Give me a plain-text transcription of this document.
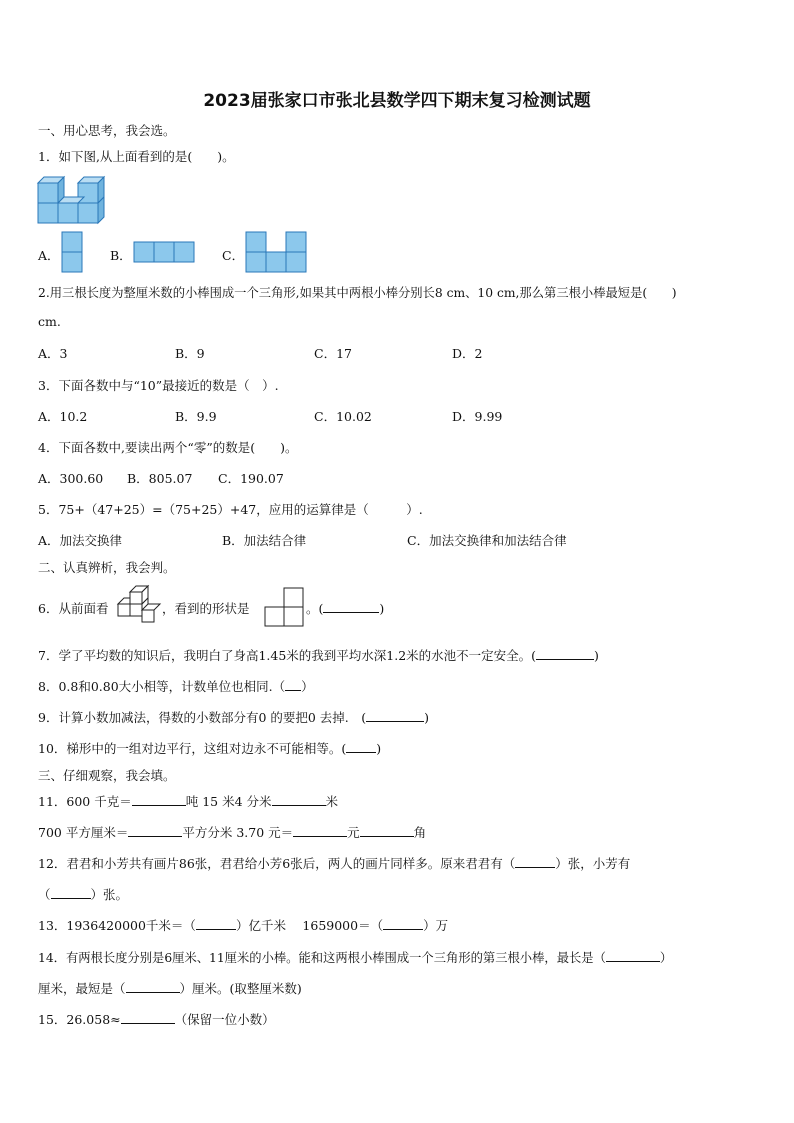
2023届张家口市张北县数学四下期末复习检测试题
一、用心思考，我会选。
1．如下图,从上面看到的是(　　)。
A．	B．	C．
2.用三根长度为整厘米数的小棒围成一个三角形,如果其中两根小棒分别长8 cm、10 cm,那么第三根小棒最短是(　　)
cm.
A．3	B．9	C．17	D．2
3．下面各数中与“10”最接近的数是（　）.
A．10.2	B．9.9	C．10.02	D．9.99
4．下面各数中,要读出两个“零”的数是(　　)。
A．300.60 B．805.07 C．190.07
5．75+（47+25）=（75+25）+47，应用的运算律是（　　　）.
A．加法交换律	B．加法结合律	C．加法交换律和加法结合律
二、认真辨析，我会判。
6．从前面看	，看到的形状是	。(	)
7．学了平均数的知识后，我明白了身高1.45米的我到平均水深1.2米的水池不一定安全。(	)
8．0.8和0.80大小相等，计数单位也相同.（ ）
9．计算小数加减法，得数的小数部分有0 的要把0 去掉.　(	)
10．梯形中的一组对边平行，这组对边永不可能相等。( )
三、仔细观察，我会填。
11．600 千克＝	吨 15 米4 分米	米
700 平方厘米＝	平方分米 3.70 元＝	元	角
12．君君和小芳共有画片86张，君君给小芳6张后，两人的画片同样多。原来君君有（	）张，小芳有
（	）张。
13．1936420000千米＝（	）亿千米　 1659000＝（	）万
14．有两根长度分别是6厘米、11厘米的小棒。能和这两根小棒围成一个三角形的第三根小棒，最长是（	）
厘米，最短是（	）厘米。(取整厘米数)
15．26.058≈	（保留一位小数）
